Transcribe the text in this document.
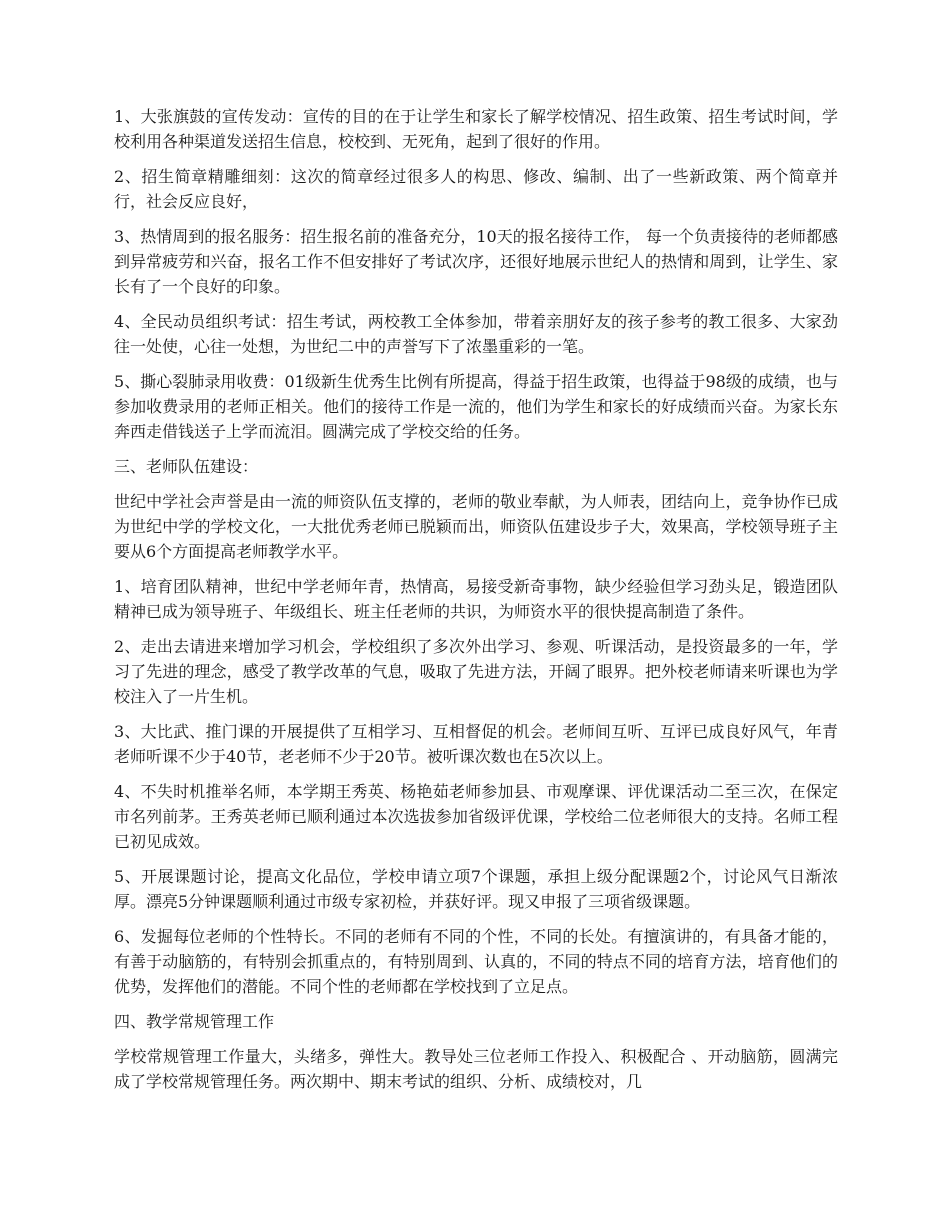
1、大张旗鼓的宣传发动：宣传的目的在于让学生和家长了解学校情况、招生政策、招生考试时间，学校利用各种渠道发送招生信息，校校到、无死角，起到了很好的作用。

2、招生简章精雕细刻：这次的简章经过很多人的构思、修改、编制、出了一些新政策、两个简章并行，社会反应良好，

3、热情周到的报名服务：招生报名前的准备充分，10天的报名接待工作， 每一个负责接待的老师都感到异常疲劳和兴奋，报名工作不但安排好了考试次序，还很好地展示世纪人的热情和周到，让学生、家长有了一个良好的印象。

4、全民动员组织考试：招生考试，两校教工全体参加，带着亲朋好友的孩子参考的教工很多、大家劲往一处使，心往一处想，为世纪二中的声誉写下了浓墨重彩的一笔。

5、撕心裂肺录用收费：01级新生优秀生比例有所提高，得益于招生政策，也得益于98级的成绩，也与参加收费录用的老师正相关。他们的接待工作是一流的，他们为学生和家长的好成绩而兴奋。为家长东奔西走借钱送子上学而流泪。圆满完成了学校交给的任务。

三、老师队伍建设：

世纪中学社会声誉是由一流的师资队伍支撑的，老师的敬业奉献，为人师表，团结向上，竞争协作已成为世纪中学的学校文化，一大批优秀老师已脱颖而出，师资队伍建设步子大，效果高，学校领导班子主要从6个方面提高老师教学水平。

1、培育团队精神，世纪中学老师年青，热情高，易接受新奇事物，缺少经验但学习劲头足，锻造团队精神已成为领导班子、年级组长、班主任老师的共识，为师资水平的很快提高制造了条件。

2、走出去请进来增加学习机会，学校组织了多次外出学习、参观、听课活动，是投资最多的一年，学习了先进的理念，感受了教学改革的气息，吸取了先进方法，开阔了眼界。把外校老师请来听课也为学校注入了一片生机。

3、大比武、推门课的开展提供了互相学习、互相督促的机会。老师间互听、互评已成良好风气，年青老师听课不少于40节，老老师不少于20节。被听课次数也在5次以上。

4、不失时机推举名师，本学期王秀英、杨艳茹老师参加县、市观摩课、评优课活动二至三次，在保定市名列前茅。王秀英老师已顺利通过本次选拔参加省级评优课，学校给二位老师很大的支持。名师工程已初见成效。

5、开展课题讨论，提高文化品位，学校申请立项7个课题，承担上级分配课题2个，讨论风气日渐浓厚。漂亮5分钟课题顺利通过市级专家初检，并获好评。现又申报了三项省级课题。

6、发掘每位老师的个性特长。不同的老师有不同的个性，不同的长处。有擅演讲的，有具备才能的，有善于动脑筋的，有特别会抓重点的，有特别周到、认真的，不同的特点不同的培育方法，培育他们的优势，发挥他们的潜能。不同个性的老师都在学校找到了立足点。

四、教学常规管理工作

学校常规管理工作量大，头绪多，弹性大。教导处三位老师工作投入、积极配合 、开动脑筋，圆满完成了学校常规管理任务。两次期中、期末考试的组织、分析、成绩校对，几
